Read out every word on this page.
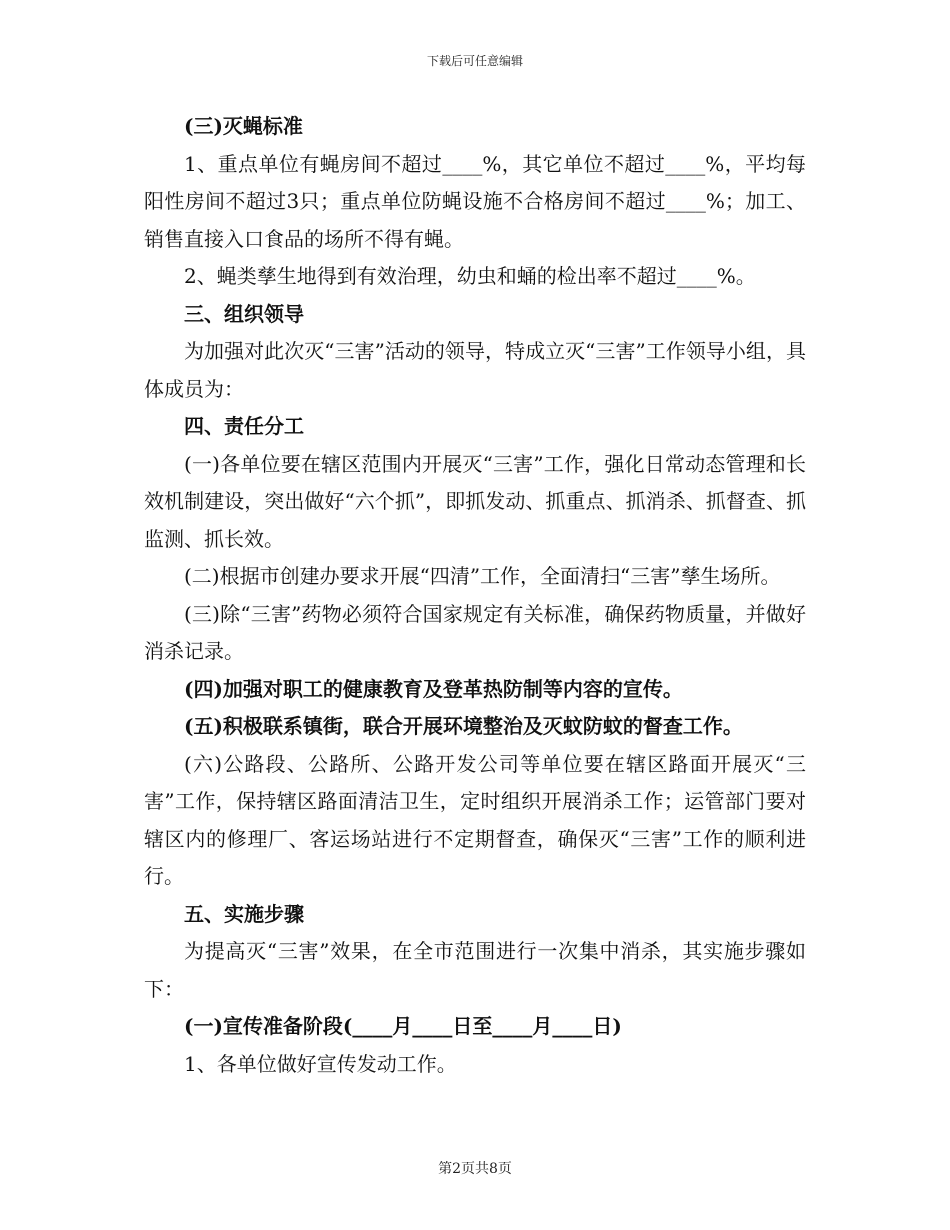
下载后可任意编辑

(三)灭蝇标准

1、重点单位有蝇房间不超过____%，其它单位不超过____%，平均每阳性房间不超过3只；重点单位防蝇设施不合格房间不超过____%；加工、销售直接入口食品的场所不得有蝇。

2、蝇类孳生地得到有效治理，幼虫和蛹的检出率不超过____%。

三、组织领导

为加强对此次灭“三害”活动的领导，特成立灭“三害”工作领导小组，具体成员为：

四、责任分工

(一)各单位要在辖区范围内开展灭“三害”工作，强化日常动态管理和长效机制建设，突出做好“六个抓”，即抓发动、抓重点、抓消杀、抓督查、抓监测、抓长效。

(二)根据市创建办要求开展“四清”工作，全面清扫“三害”孳生场所。

(三)除“三害”药物必须符合国家规定有关标准，确保药物质量，并做好消杀记录。

(四)加强对职工的健康教育及登革热防制等内容的宣传。

(五)积极联系镇街，联合开展环境整治及灭蚊防蚊的督查工作。

(六)公路段、公路所、公路开发公司等单位要在辖区路面开展灭“三害”工作，保持辖区路面清洁卫生，定时组织开展消杀工作；运管部门要对辖区内的修理厂、客运场站进行不定期督查，确保灭“三害”工作的顺利进行。

五、实施步骤

为提高灭“三害”效果，在全市范围进行一次集中消杀，其实施步骤如下：

(一)宣传准备阶段(____月____日至____月____日)

1、各单位做好宣传发动工作。

第2页共8页
